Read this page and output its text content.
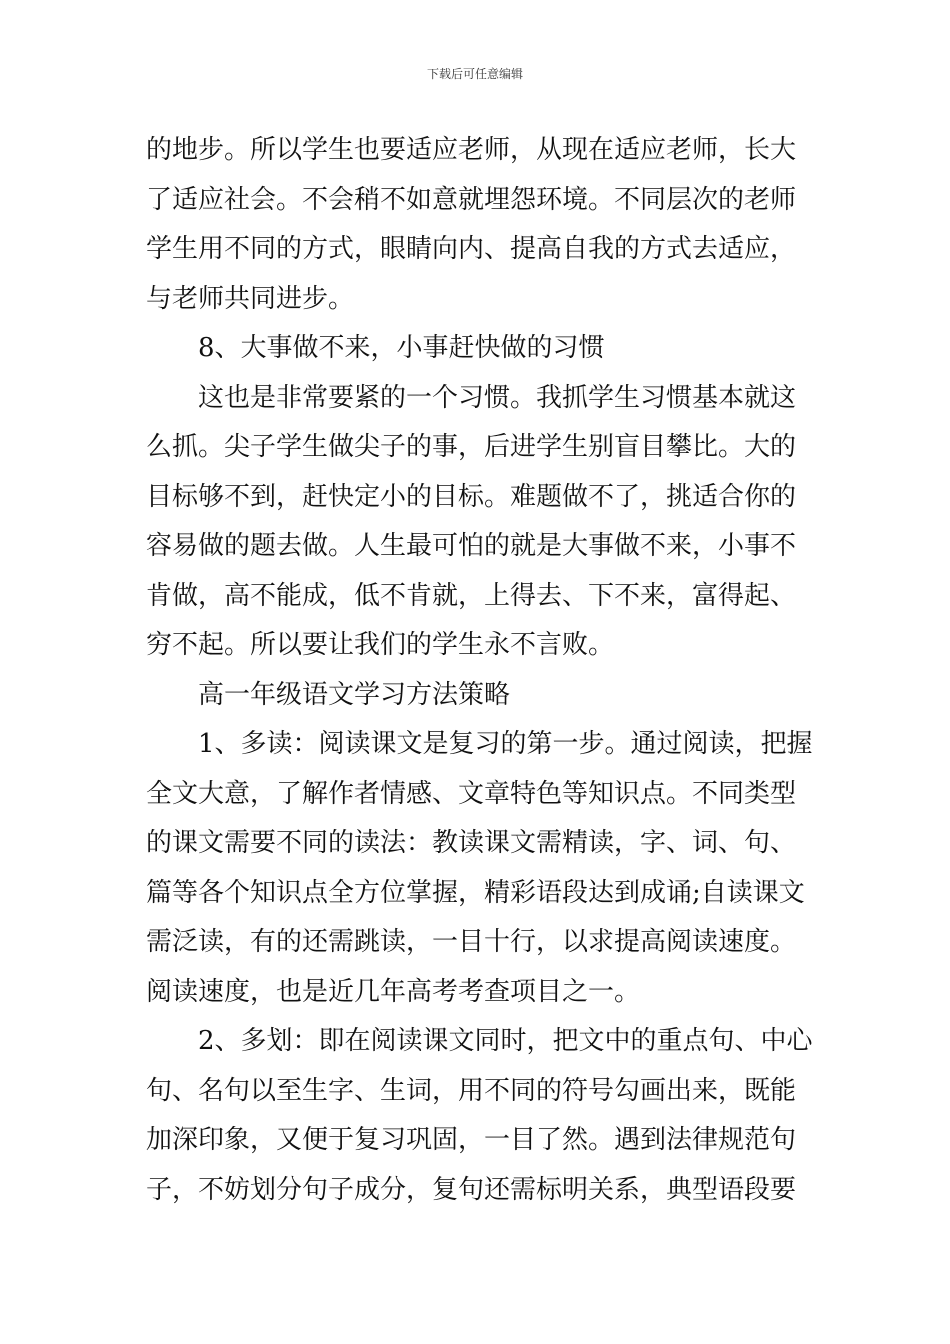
下载后可任意编辑
的地步。所以学生也要适应老师，从现在适应老师，长大
了适应社会。不会稍不如意就埋怨环境。不同层次的老师
学生用不同的方式，眼睛向内、提高自我的方式去适应，
与老师共同进步。
8、大事做不来，小事赶快做的习惯
这也是非常要紧的一个习惯。我抓学生习惯基本就这
么抓。尖子学生做尖子的事，后进学生别盲目攀比。大的
目标够不到，赶快定小的目标。难题做不了，挑适合你的
容易做的题去做。人生最可怕的就是大事做不来，小事不
肯做，高不能成，低不肯就，上得去、下不来，富得起、
穷不起。所以要让我们的学生永不言败。
高一年级语文学习方法策略
1、多读：阅读课文是复习的第一步。通过阅读，把握
全文大意，了解作者情感、文章特色等知识点。不同类型
的课文需要不同的读法：教读课文需精读，字、词、句、
篇等各个知识点全方位掌握，精彩语段达到成诵;自读课文
需泛读，有的还需跳读，一目十行，以求提高阅读速度。
阅读速度，也是近几年高考考查项目之一。
2、多划：即在阅读课文同时，把文中的重点句、中心
句、名句以至生字、生词，用不同的符号勾画出来，既能
加深印象，又便于复习巩固，一目了然。遇到法律规范句
子，不妨划分句子成分，复句还需标明关系，典型语段要
